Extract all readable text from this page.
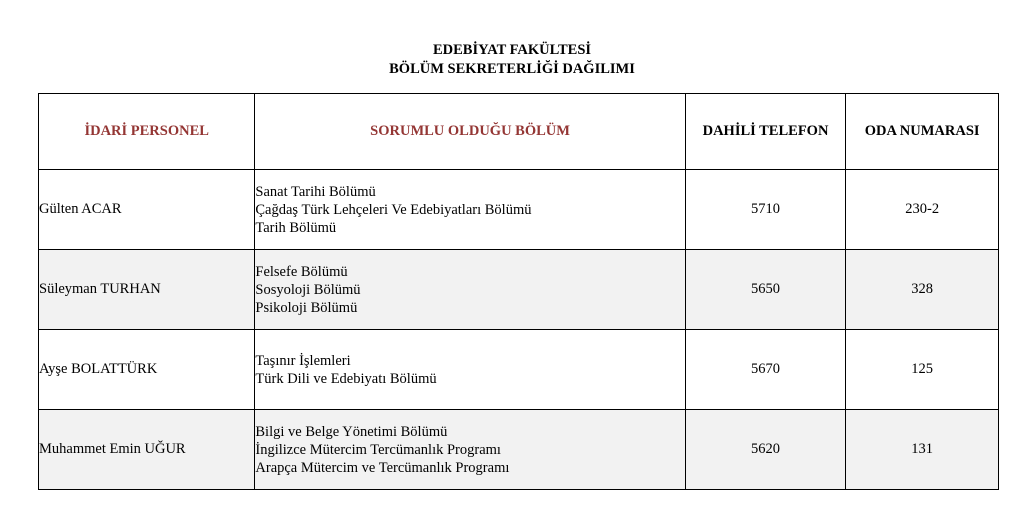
EDEBİYAT FAKÜLTESİ
BÖLÜM SEKRETERLİĞİ DAĞILIMI
İDARİ PERSONEL	SORUMLU OLDUĞU BÖLÜM	DAHİLİ TELEFON	ODA NUMARASI
Gülten ACAR	Sanat Tarihi Bölümü
Çağdaş Türk Lehçeleri Ve Edebiyatları Bölümü
Tarih Bölümü	5710	230-2
Süleyman TURHAN	Felsefe Bölümü
Sosyoloji Bölümü
Psikoloji Bölümü	5650	328
Ayşe BOLATTÜRK	Taşınır İşlemleri
Türk Dili ve Edebiyatı Bölümü	5670	125
Muhammet Emin UĞUR	Bilgi ve Belge Yönetimi Bölümü
İngilizce Mütercim Tercümanlık Programı
Arapça Mütercim ve Tercümanlık Programı	5620	131
